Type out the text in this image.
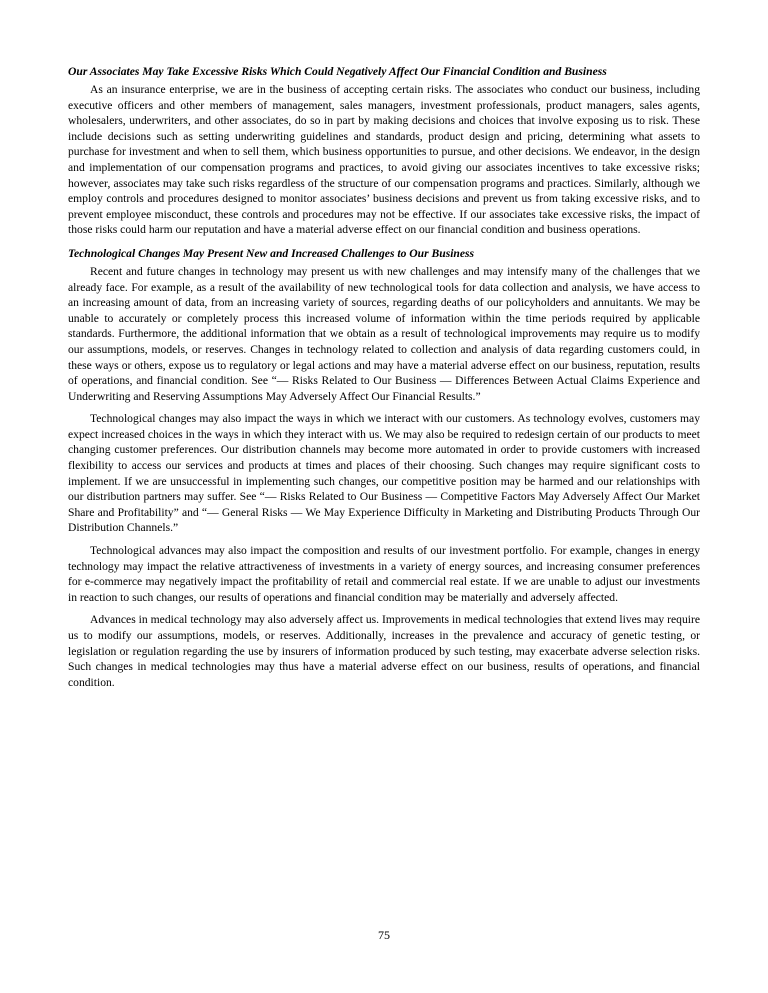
Our Associates May Take Excessive Risks Which Could Negatively Affect Our Financial Condition and Business

As an insurance enterprise, we are in the business of accepting certain risks. The associates who conduct our business, including executive officers and other members of management, sales managers, investment professionals, product managers, sales agents, wholesalers, underwriters, and other associates, do so in part by making decisions and choices that involve exposing us to risk. These include decisions such as setting underwriting guidelines and standards, product design and pricing, determining what assets to purchase for investment and when to sell them, which business opportunities to pursue, and other decisions. We endeavor, in the design and implementation of our compensation programs and practices, to avoid giving our associates incentives to take excessive risks; however, associates may take such risks regardless of the structure of our compensation programs and practices. Similarly, although we employ controls and procedures designed to monitor associates’ business decisions and prevent us from taking excessive risks, and to prevent employee misconduct, these controls and procedures may not be effective. If our associates take excessive risks, the impact of those risks could harm our reputation and have a material adverse effect on our financial condition and business operations.

Technological Changes May Present New and Increased Challenges to Our Business

Recent and future changes in technology may present us with new challenges and may intensify many of the challenges that we already face. For example, as a result of the availability of new technological tools for data collection and analysis, we have access to an increasing amount of data, from an increasing variety of sources, regarding deaths of our policyholders and annuitants. We may be unable to accurately or completely process this increased volume of information within the time periods required by applicable standards. Furthermore, the additional information that we obtain as a result of technological improvements may require us to modify our assumptions, models, or reserves. Changes in technology related to collection and analysis of data regarding customers could, in these ways or others, expose us to regulatory or legal actions and may have a material adverse effect on our business, reputation, results of operations, and financial condition. See “— Risks Related to Our Business — Differences Between Actual Claims Experience and Underwriting and Reserving Assumptions May Adversely Affect Our Financial Results.”

Technological changes may also impact the ways in which we interact with our customers. As technology evolves, customers may expect increased choices in the ways in which they interact with us. We may also be required to redesign certain of our products to meet changing customer preferences. Our distribution channels may become more automated in order to provide customers with increased flexibility to access our services and products at times and places of their choosing. Such changes may require significant costs to implement. If we are unsuccessful in implementing such changes, our competitive position may be harmed and our relationships with our distribution partners may suffer. See “— Risks Related to Our Business — Competitive Factors May Adversely Affect Our Market Share and Profitability” and “— General Risks — We May Experience Difficulty in Marketing and Distributing Products Through Our Distribution Channels.”

Technological advances may also impact the composition and results of our investment portfolio. For example, changes in energy technology may impact the relative attractiveness of investments in a variety of energy sources, and increasing consumer preferences for e-commerce may negatively impact the profitability of retail and commercial real estate. If we are unable to adjust our investments in reaction to such changes, our results of operations and financial condition may be materially and adversely affected.

Advances in medical technology may also adversely affect us. Improvements in medical technologies that extend lives may require us to modify our assumptions, models, or reserves. Additionally, increases in the prevalence and accuracy of genetic testing, or legislation or regulation regarding the use by insurers of information produced by such testing, may exacerbate adverse selection risks. Such changes in medical technologies may thus have a material adverse effect on our business, results of operations, and financial condition.

75
